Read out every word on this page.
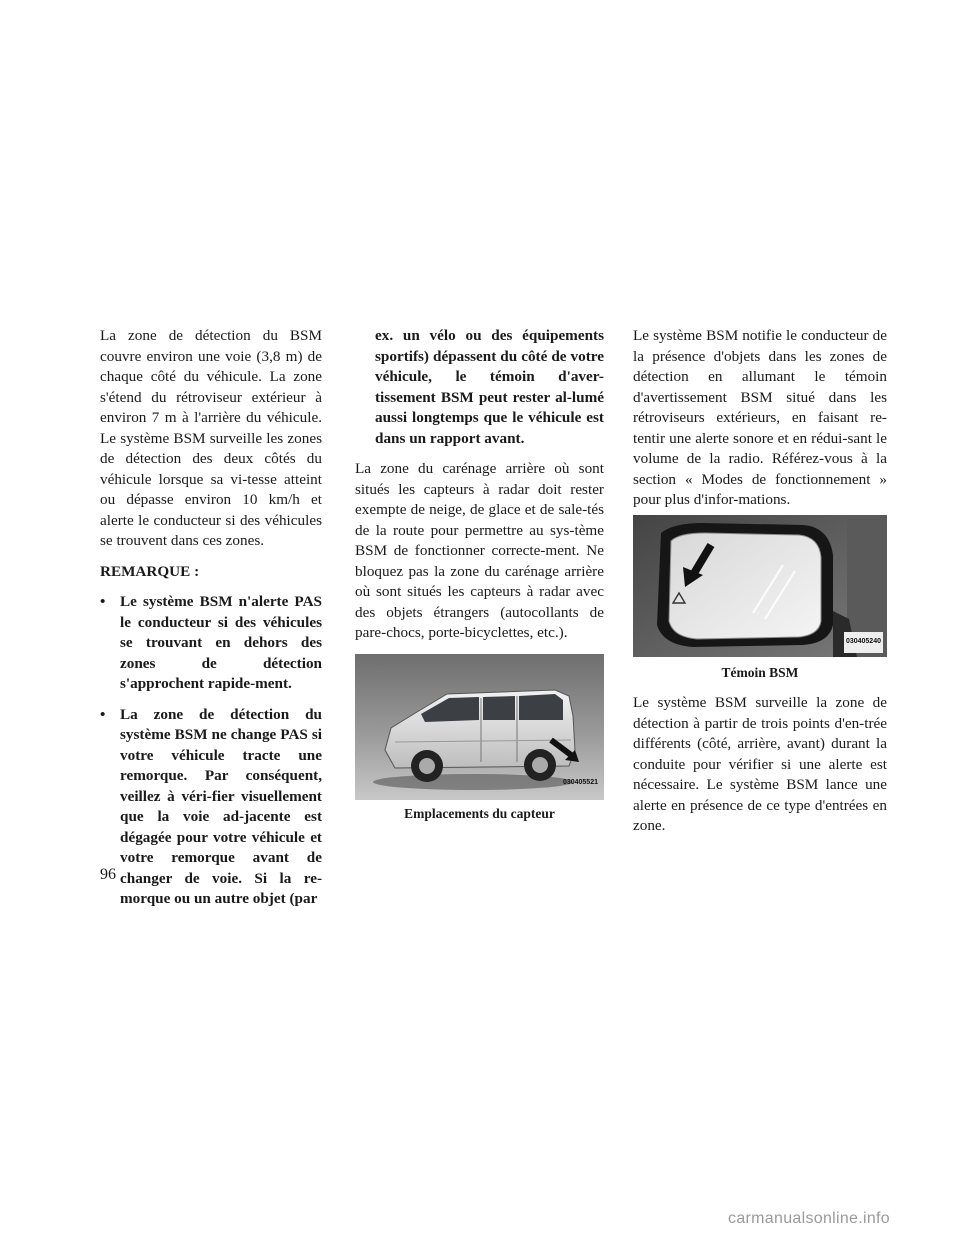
La zone de détection du BSM couvre environ une voie (3,8 m) de chaque côté du véhicule. La zone s'étend du rétroviseur extérieur à environ 7 m à l'arrière du véhicule. Le système BSM surveille les zones de détection des deux côtés du véhicule lorsque sa vi-tesse atteint ou dépasse environ 10 km/h et alerte le conducteur si des véhicules se trouvent dans ces zones.

REMARQUE :
• Le système BSM n'alerte PAS le conducteur si des véhicules se trouvant en dehors des zones de détection s'approchent rapide-ment.
• La zone de détection du système BSM ne change PAS si votre véhicule tracte une remorque. Par conséquent, veillez à véri-fier visuellement que la voie ad-jacente est dégagée pour votre véhicule et votre remorque avant de changer de voie. Si la re-morque ou un autre objet (par
ex. un vélo ou des équipements sportifs) dépassent du côté de votre véhicule, le témoin d'aver-tissement BSM peut rester al-lumé aussi longtemps que le véhicule est dans un rapport avant.

La zone du carénage arrière où sont situés les capteurs à radar doit rester exempte de neige, de glace et de sale-tés de la route pour permettre au sys-tème BSM de fonctionner correcte-ment. Ne bloquez pas la zone du carénage arrière où sont situés les capteurs à radar avec des objets étrangers (autocollants de pare-chocs, porte-bicyclettes, etc.).

030405521
Emplacements du capteur

Le système BSM notifie le conducteur de la présence d'objets dans les zones de détection en allumant le témoin d'avertissement BSM situé dans les rétroviseurs extérieurs, en faisant re-tentir une alerte sonore et en rédui-sant le volume de la radio. Référez-vous à la section « Modes de fonctionnement » pour plus d'infor-mations.

030405240
Témoin BSM

Le système BSM surveille la zone de détection à partir de trois points d'en-trée différents (côté, arrière, avant) durant la conduite pour vérifier si une alerte est nécessaire. Le système BSM lance une alerte en présence de ce type d'entrées en zone.

96
carmanualsonline.info
